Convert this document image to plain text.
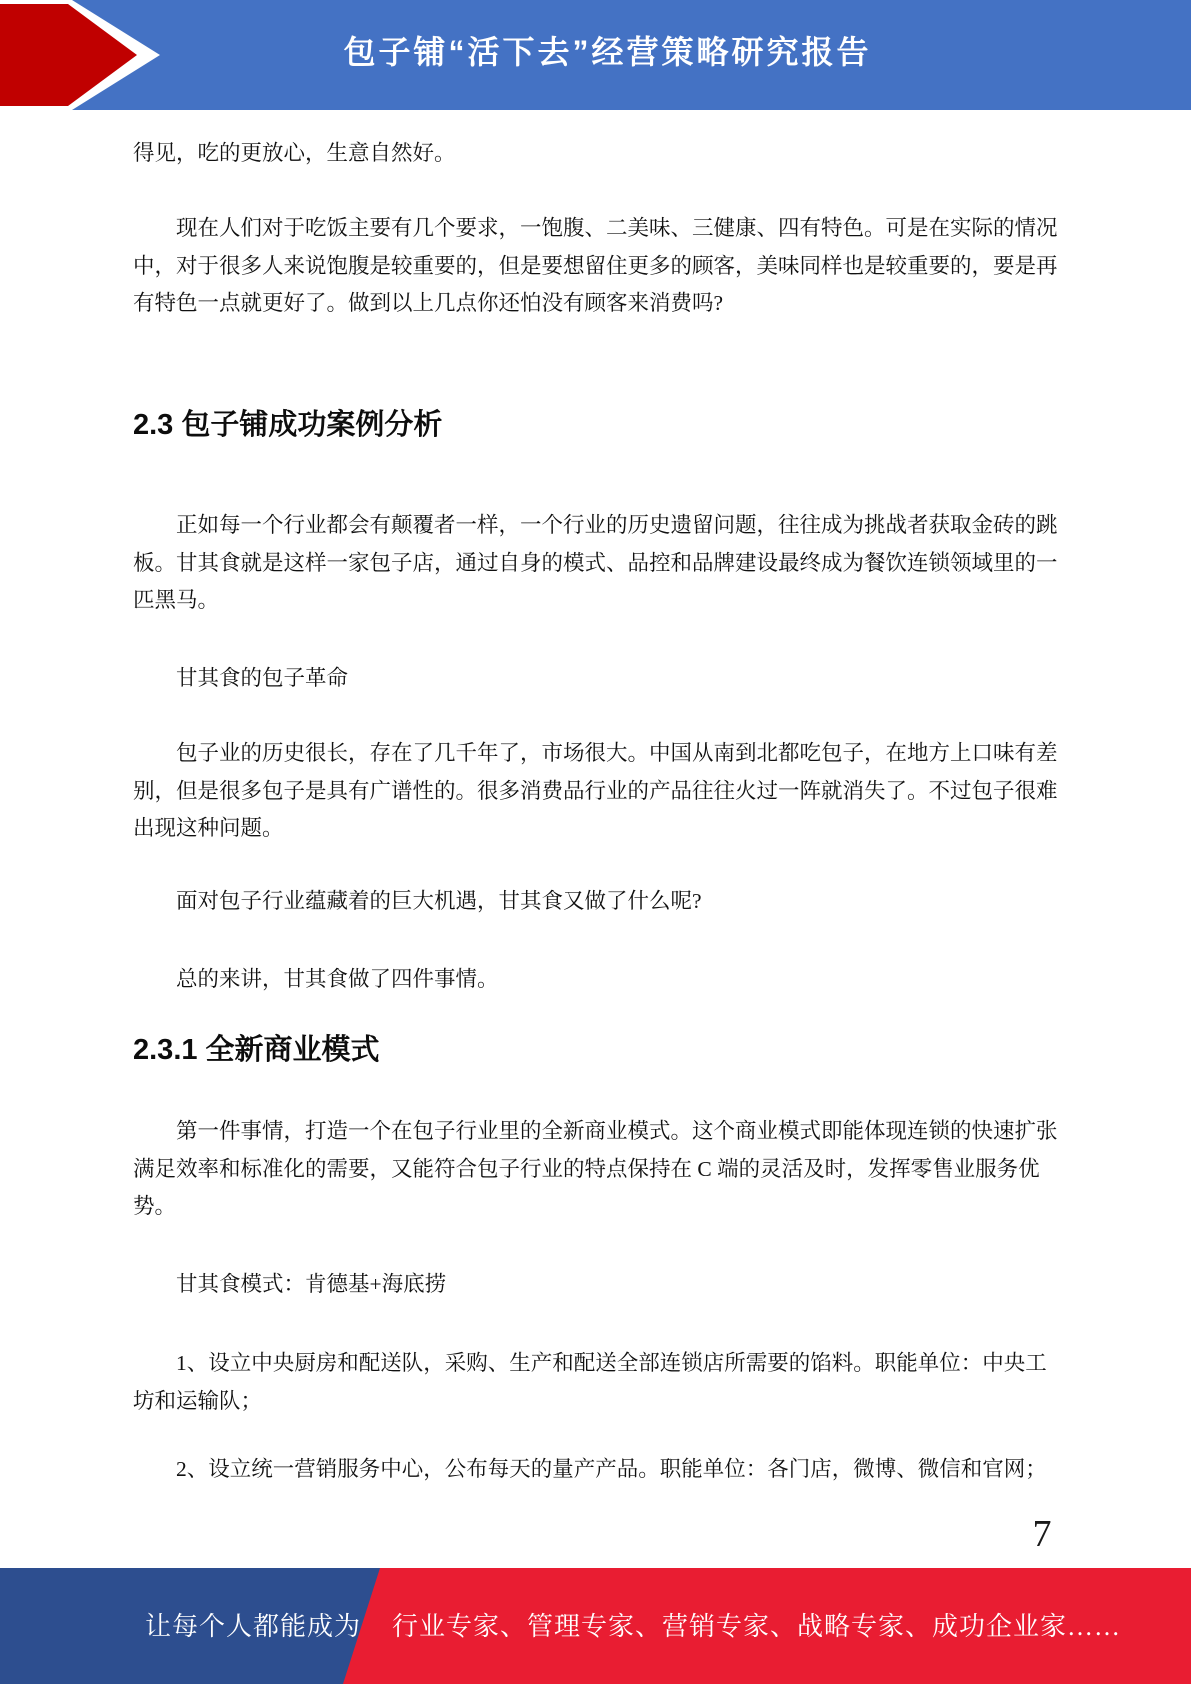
包子铺“活下去”经营策略研究报告

得见，吃的更放心，生意自然好。

现在人们对于吃饭主要有几个要求，一饱腹、二美味、三健康、四有特色。可是在实际的情况中，对于很多人来说饱腹是较重要的，但是要想留住更多的顾客，美味同样也是较重要的，要是再有特色一点就更好了。做到以上几点你还怕没有顾客来消费吗?

2.3 包子铺成功案例分析

正如每一个行业都会有颠覆者一样，一个行业的历史遗留问题，往往成为挑战者获取金砖的跳板。甘其食就是这样一家包子店，通过自身的模式、品控和品牌建设最终成为餐饮连锁领域里的一匹黑马。

甘其食的包子革命

包子业的历史很长，存在了几千年了，市场很大。中国从南到北都吃包子，在地方上口味有差别，但是很多包子是具有广谱性的。很多消费品行业的产品往往火过一阵就消失了。不过包子很难出现这种问题。

面对包子行业蕴藏着的巨大机遇，甘其食又做了什么呢?

总的来讲，甘其食做了四件事情。

2.3.1 全新商业模式

第一件事情，打造一个在包子行业里的全新商业模式。这个商业模式即能体现连锁的快速扩张满足效率和标准化的需要，又能符合包子行业的特点保持在 C 端的灵活及时，发挥零售业服务优势。

甘其食模式：肯德基+海底捞

1、设立中央厨房和配送队，采购、生产和配送全部连锁店所需要的馅料。职能单位：中央工坊和运输队；

2、设立统一营销服务中心，公布每天的量产产品。职能单位：各门店，微博、微信和官网；

7

让每个人都能成为 行业专家、管理专家、营销专家、战略专家、成功企业家……
